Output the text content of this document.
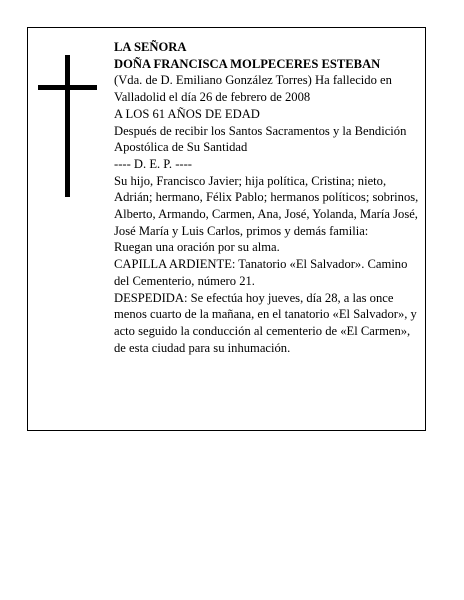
LA SEÑORA

DOÑA FRANCISCA MOLPECERES ESTEBAN

(Vda. de D. Emiliano González Torres) Ha fallecido en Valladolid el día 26 de febrero de 2008

A LOS 61 AÑOS DE EDAD

Después de recibir los Santos Sacramentos y la Bendición Apostólica de Su Santidad

---- D. E. P. ----

Su hijo, Francisco Javier; hija política, Cristina; nieto, Adrián; hermano, Félix Pablo; hermanos políticos; sobrinos, Alberto, Armando, Carmen, Ana, José, Yolanda, María José, José María y Luis Carlos, primos y demás familia:

Ruegan una oración por su alma.

CAPILLA ARDIENTE: Tanatorio «El Salvador». Camino del Cementerio, número 21.

DESPEDIDA: Se efectúa hoy jueves, día 28, a las once menos cuarto de la mañana, en el tanatorio «El Salvador», y acto seguido la conducción al cementerio de «El Carmen», de esta ciudad para su inhumación.
